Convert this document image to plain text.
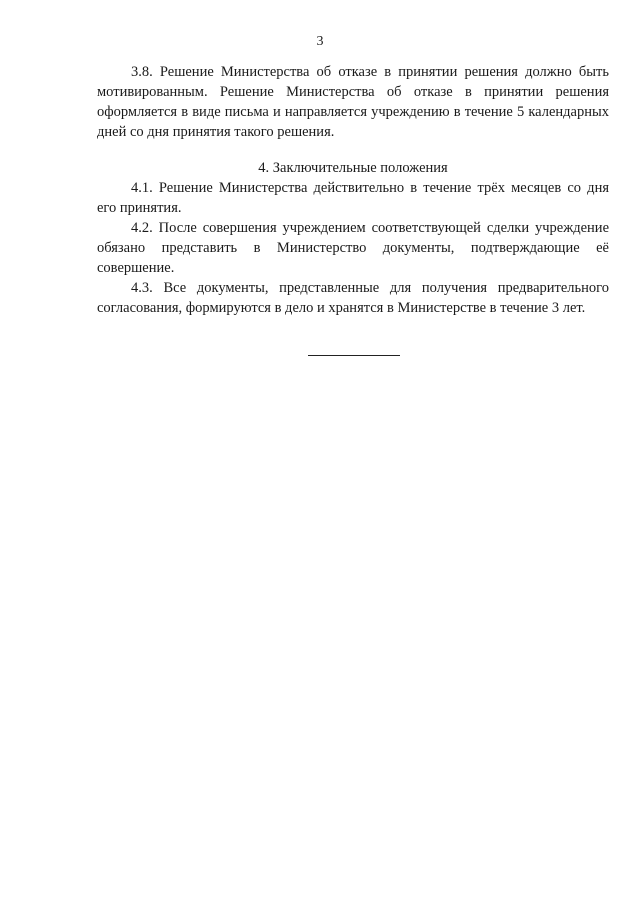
3

3.8. Решение Министерства об отказе в принятии решения должно быть мотивированным. Решение Министерства об отказе в принятии решения оформляется в виде письма и направляется учреждению в течение 5 календарных дней со дня принятия такого решения.

4. Заключительные положения

4.1. Решение Министерства действительно в течение трёх месяцев со дня его принятия.

4.2. После совершения учреждением соответствующей сделки учреждение обязано представить в Министерство документы, подтверждающие её совершение.

4.3. Все документы, представленные для получения предварительного согласования, формируются в дело и хранятся в Министерстве в течение 3 лет.
